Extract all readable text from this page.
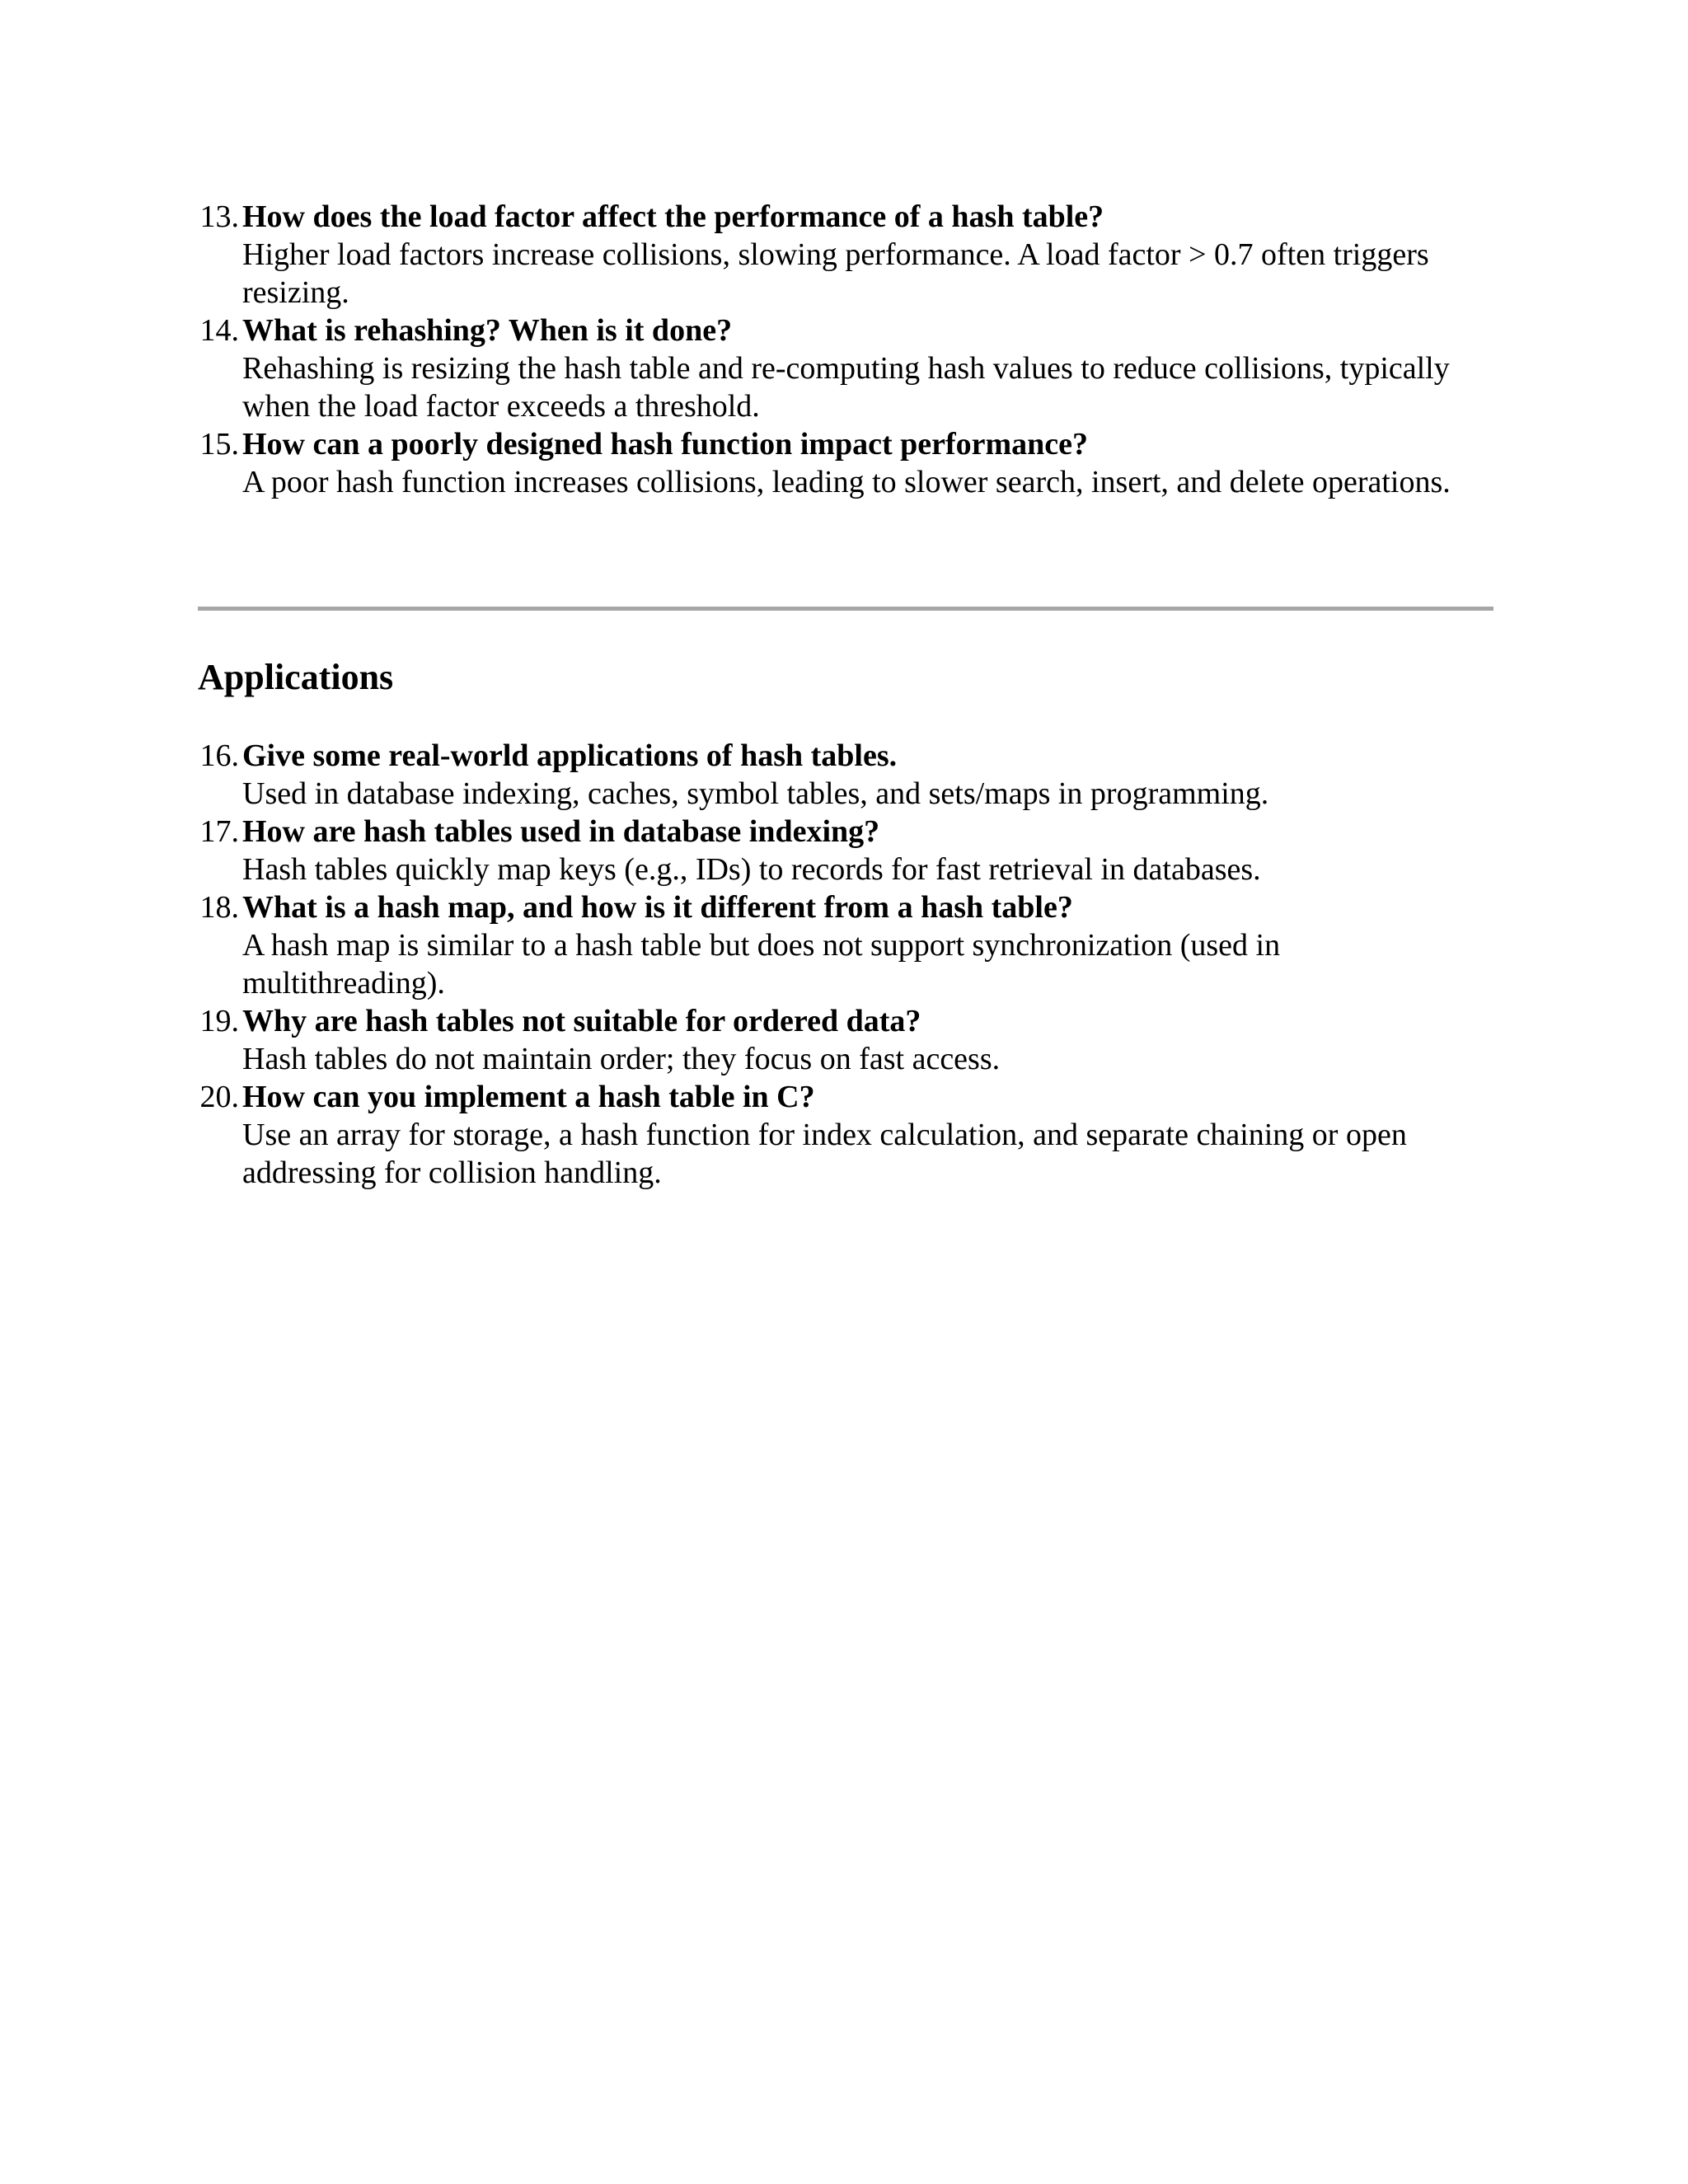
13. How does the load factor affect the performance of a hash table?
Higher load factors increase collisions, slowing performance. A load factor > 0.7 often triggers resizing.
14. What is rehashing? When is it done?
Rehashing is resizing the hash table and re-computing hash values to reduce collisions, typically when the load factor exceeds a threshold.
15. How can a poorly designed hash function impact performance?
A poor hash function increases collisions, leading to slower search, insert, and delete operations.
Applications
16. Give some real-world applications of hash tables.
Used in database indexing, caches, symbol tables, and sets/maps in programming.
17. How are hash tables used in database indexing?
Hash tables quickly map keys (e.g., IDs) to records for fast retrieval in databases.
18. What is a hash map, and how is it different from a hash table?
A hash map is similar to a hash table but does not support synchronization (used in multithreading).
19. Why are hash tables not suitable for ordered data?
Hash tables do not maintain order; they focus on fast access.
20. How can you implement a hash table in C?
Use an array for storage, a hash function for index calculation, and separate chaining or open addressing for collision handling.
